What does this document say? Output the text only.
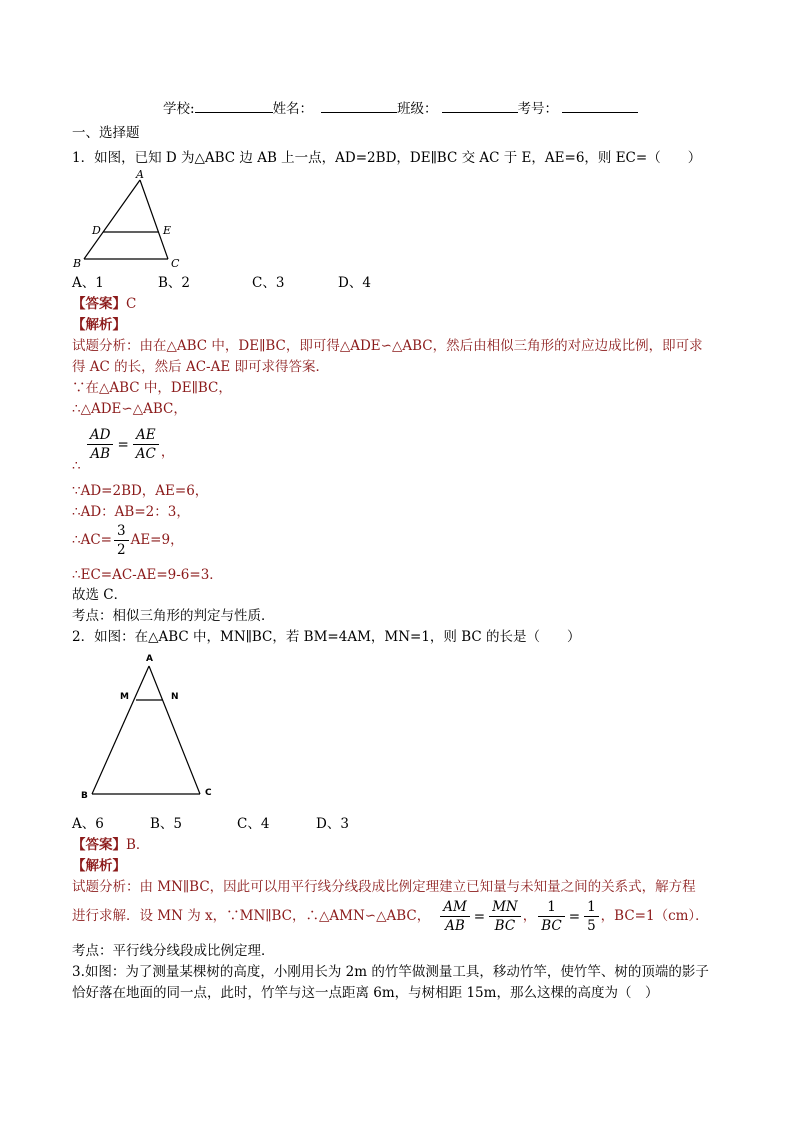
学校:	姓名：	班级：	考号：
一、选择题
1．如图，已知 D 为△ABC 边 AB 上一点，AD=2BD，DE∥BC 交 AC 于 E，AE=6，则 EC=（　　）
A
D	E
B	C
A、1	B、2	C、3	D、4
【答案】C
【解析】
试题分析：由在△ABC 中，DE∥BC，即可得△ADE∽△ABC，然后由相似三角形的对应边成比例，即可求
得 AC 的长，然后 AC-AE 即可求得答案．
∵在△ABC 中，DE∥BC，
∴△ADE∽△ABC，
∴
$\frac{AD}{AB} = \frac{AE}{AC}$ ，
∵AD=2BD，AE=6，
∴AD：AB=2：3，
∴AC= $\frac{3}{2} AE=9$，
∴EC=AC-AE=9-6=3．
故选 C．
考点：相似三角形的判定与性质．
2．如图：在△ABC 中，MN∥BC，若 BM=4AM，MN=1，则 BC 的长是（　　）
A
M	N
B	C
A、6	B、5	C、4	D、3
【答案】B．
【解析】
试题分析：由 MN∥BC，因此可以用平行线分线段成比例定理建立已知量与未知量之间的关系式，解方程
进行求解．设 MN 为 x，∵MN∥BC，∴△AMN∽△ABC， $\frac{AM}{AB} = \frac{MN}{BC}$ ， $\frac{1}{BC} = \frac{1}{5}$ ，BC=1（cm）．
考点：平行线分线段成比例定理．
3.如图：为了测量某棵树的高度，小刚用长为 2m 的竹竿做测量工具，移动竹竿，使竹竿、树的顶端的影子
恰好落在地面的同一点，此时，竹竿与这一点距离 6m，与树相距 15m，那么这棵的高度为（　）
